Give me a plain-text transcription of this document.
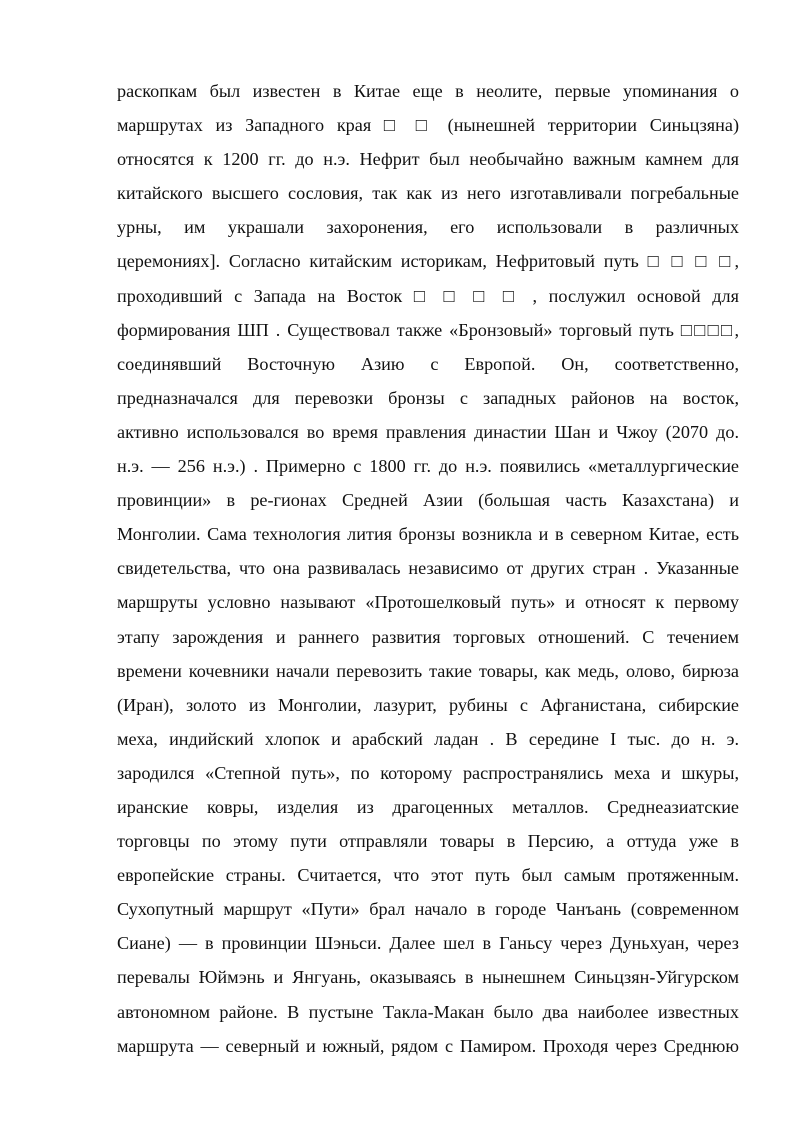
раскопкам был известен в Китае еще в неолите, первые упоминания о
маршрутах из Западного края □ □ (нынешней территории Синьцзяна)
относятся к 1200 гг. до н.э. Нефрит был необычайно важным камнем для
китайского высшего сословия, так как из него изготавливали погребальные
урны, им украшали захоронения, его использовали в различных
церемониях]. Согласно китайским историкам, Нефритовый путь □ □ □ □,
проходивший с Запада на Восток □ □ □ □ , послужил основой для
формирования ШП . Существовал также «Бронзовый» торговый путь □□□□,
соединявший Восточную Азию с Европой. Он, соответственно,
предназначался для перевозки бронзы с западных районов на восток,
активно использовался во время правления династии Шан и Чжоу (2070 до.
н.э. — 256 н.э.) . Примерно с 1800 гг. до н.э. появились «металлургические
провинции» в ре-гионах Средней Азии (большая часть Казахстана) и
Монголии. Сама технология лития бронзы возникла и в северном Китае, есть
свидетельства, что она развивалась независимо от других стран . Указанные
маршруты условно называют «Протошелковый путь» и относят к первому
этапу зарождения и раннего развития торговых отношений. С течением
времени кочевники начали перевозить такие товары, как медь, олово, бирюза
(Иран), золото из Монголии, лазурит, рубины с Афганистана, сибирские
меха, индийский хлопок и арабский ладан . В середине I тыс. до н. э.
зародился «Степной путь», по которому распространялись меха и шкуры,
иранские ковры, изделия из драгоценных металлов. Среднеазиатские
торговцы по этому пути отправляли товары в Персию, а оттуда уже в
европейские страны. Считается, что этот путь был самым протяженным.
Сухопутный маршрут «Пути» брал начало в городе Чанъань (современном
Сиане) — в провинции Шэньси. Далее шел в Ганьсу через Дуньхуан, через
перевалы Юймэнь и Янгуань, оказываясь в нынешнем Синьцзян-Уйгурском
автономном районе. В пустыне Такла-Макан было два наиболее известных
маршрута — северный и южный, рядом с Памиром. Проходя через Среднюю
